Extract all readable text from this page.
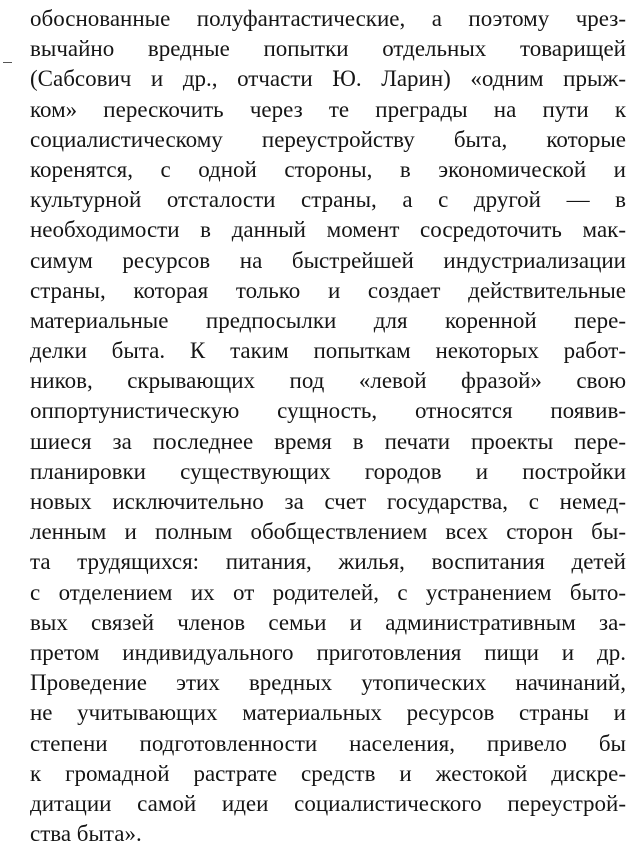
обоснованные полуфантастические, а поэтому чрез-
вычайно вредные попытки отдельных товарищей
(Сабсович и др., отчасти Ю. Ларин) «одним прыж-
ком» перескочить через те преграды на пути к
социалистическому переустройству быта, которые
коренятся, с одной стороны, в экономической и
культурной отсталости страны, а с другой — в
необходимости в данный момент сосредоточить мак-
симум ресурсов на быстрейшей индустриализации
страны, которая только и создает действительные
материальные предпосылки для коренной пере-
делки быта. К таким попыткам некоторых работ-
ников, скрывающих под «левой фразой» свою
оппортунистическую сущность, относятся появив-
шиеся за последнее время в печати проекты пере-
планировки существующих городов и постройки
новых исключительно за счет государства, с немед-
ленным и полным обобществлением всех сторон бы-
та трудящихся: питания, жилья, воспитания детей
с отделением их от родителей, с устранением быто-
вых связей членов семьи и административным за-
претом индивидуального приготовления пищи и др.
Проведение этих вредных утопических начинаний,
не учитывающих материальных ресурсов страны и
степени подготовленности населения, привело бы
к громадной растрате средств и жестокой дискре-
дитации самой идеи социалистического переустрой-
ства быта».
